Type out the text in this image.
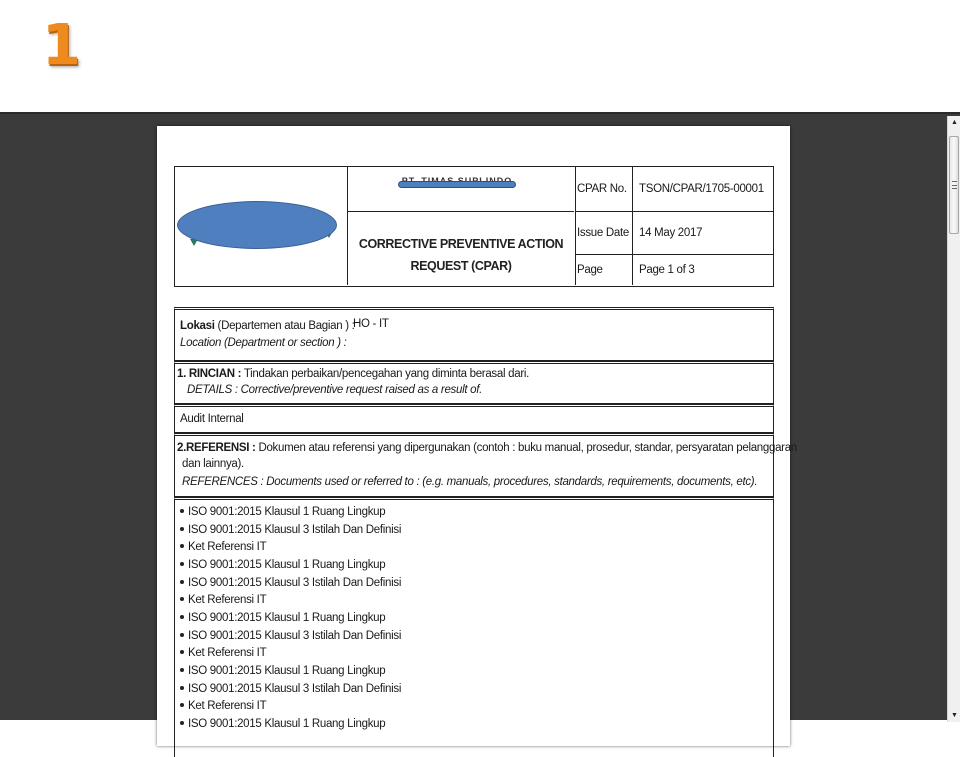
1
CORRECTIVE PREVENTIVE ACTION
REQUEST (CPAR)
CPAR No.	TSON/CPAR/1705-00001
Issue Date 14 May 2017
Page	Page 1 of 3
Lokasi (Departemen atau Bagian ) :
HO - IT
Location (Department or section ) :
1. RINCIAN : Tindakan perbaikan/pencegahan yang diminta berasal dari.
DETAILS : Corrective/preventive request raised as a result of.
Audit Internal
2.REFERENSI : Dokumen atau referensi yang dipergunakan (contoh : buku manual, prosedur, standar, persyaratan pelanggaran
dan lainnya).
REFERENCES : Documents used or referred to : (e.g. manuals, procedures, standards, requirements, documents, etc).
ISO 9001:2015 Klausul 1 Ruang Lingkup
ISO 9001:2015 Klausul 3 Istilah Dan Definisi
Ket Referensi IT
ISO 9001:2015 Klausul 1 Ruang Lingkup
ISO 9001:2015 Klausul 3 Istilah Dan Definisi
Ket Referensi IT
ISO 9001:2015 Klausul 1 Ruang Lingkup
ISO 9001:2015 Klausul 3 Istilah Dan Definisi
Ket Referensi IT
ISO 9001:2015 Klausul 1 Ruang Lingkup
ISO 9001:2015 Klausul 3 Istilah Dan Definisi
Ket Referensi IT
ISO 9001:2015 Klausul 1 Ruang Lingkup
▲
▼
